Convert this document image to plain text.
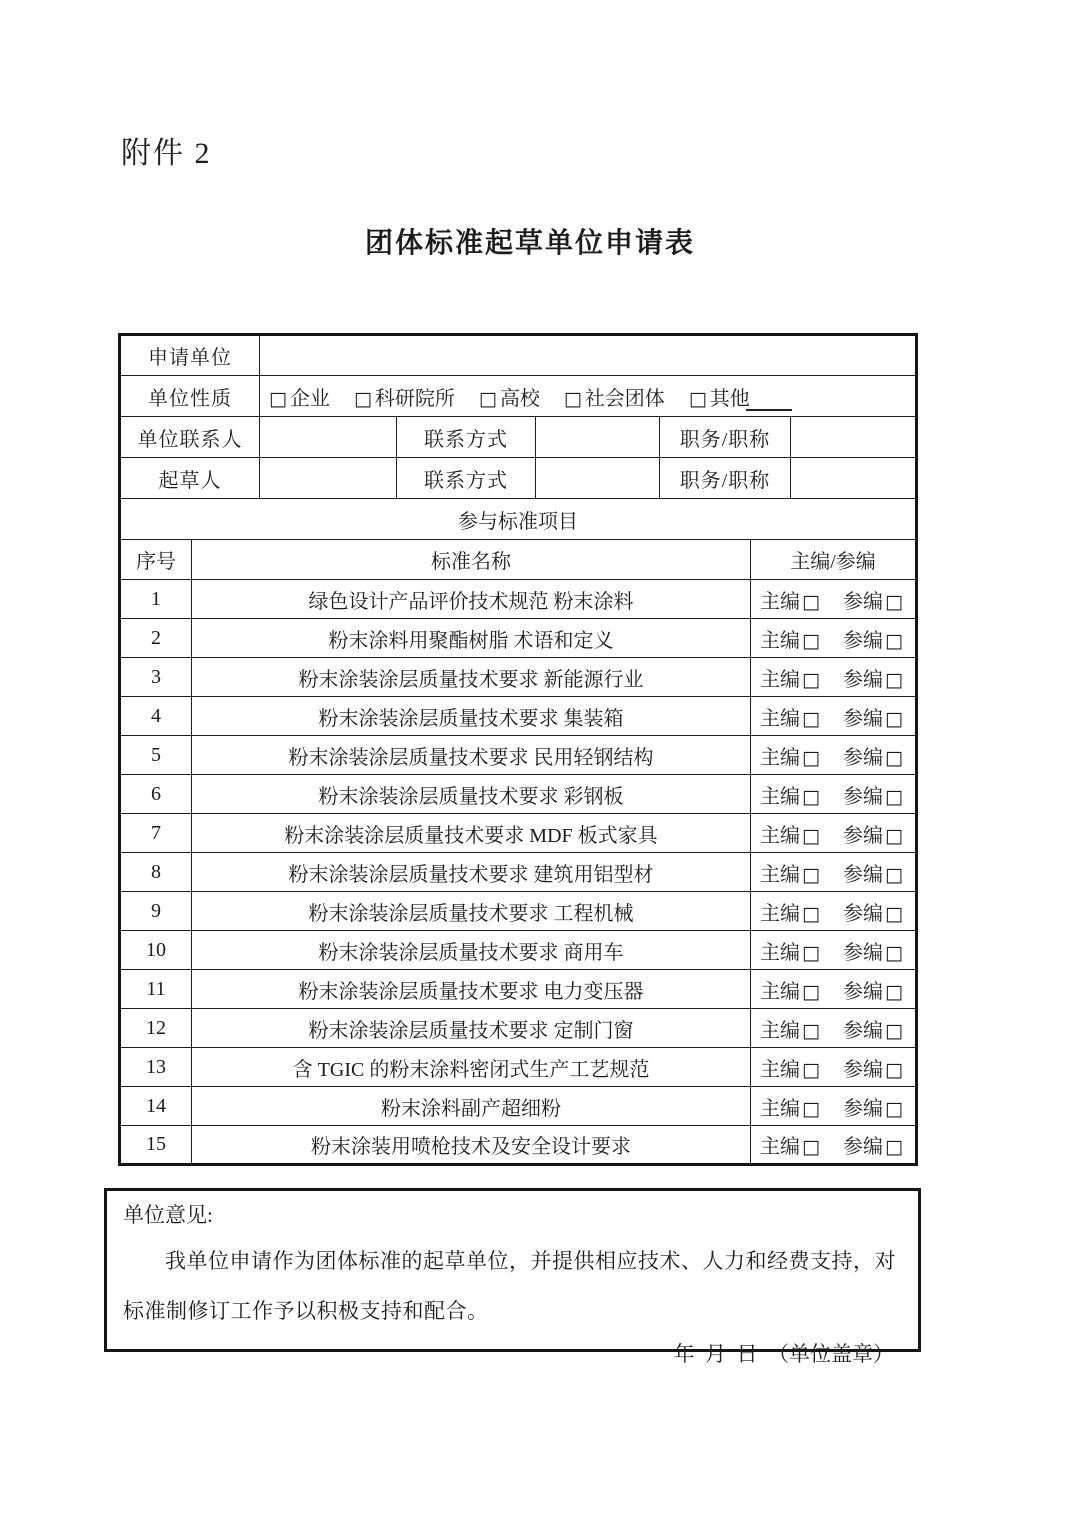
附件 2
团体标准起草单位申请表
申请单位							
单位性质		□ 企业 □ 科研院所 □ 高校 □ 社会团体 □ 其他					
单位联系人			联系方式		职务/职称		
起草人			联系方式		职务/职称		
参与标准项目							
序号	标准名称					主编/参编	
1	绿色设计产品评价技术规范 粉末涂料					主编 □ 参编 □	
2	粉末涂料用聚酯树脂 术语和定义					主编 □ 参编 □	
3	粉末涂装涂层质量技术要求 新能源行业					主编 □ 参编 □	
4	粉末涂装涂层质量技术要求 集装箱					主编 □ 参编 □	
5	粉末涂装涂层质量技术要求 民用轻钢结构					主编 □ 参编 □	
6	粉末涂装涂层质量技术要求 彩钢板					主编 □ 参编 □	
7	粉末涂装涂层质量技术要求 MDF 板式家具					主编 □ 参编 □	
8	粉末涂装涂层质量技术要求 建筑用铝型材					主编 □ 参编 □	
9	粉末涂装涂层质量技术要求 工程机械					主编 □ 参编 □	
10	粉末涂装涂层质量技术要求 商用车					主编 □ 参编 □	
11	粉末涂装涂层质量技术要求 电力变压器					主编 □ 参编 □	
12	粉末涂装涂层质量技术要求 定制门窗					主编 □ 参编 □	
13	含 TGIC 的粉末涂料密闭式生产工艺规范					主编 □ 参编 □	
14	粉末涂料副产超细粉					主编 □ 参编 □	
15	粉末涂装用喷枪技术及安全设计要求					主编 □ 参编 □	
单位意见:

我单位申请作为团体标准的起草单位，并提供相应技术、人力和经费支持，对标准制修订工作予以积极支持和配合。

年  月  日  （单位盖章）
